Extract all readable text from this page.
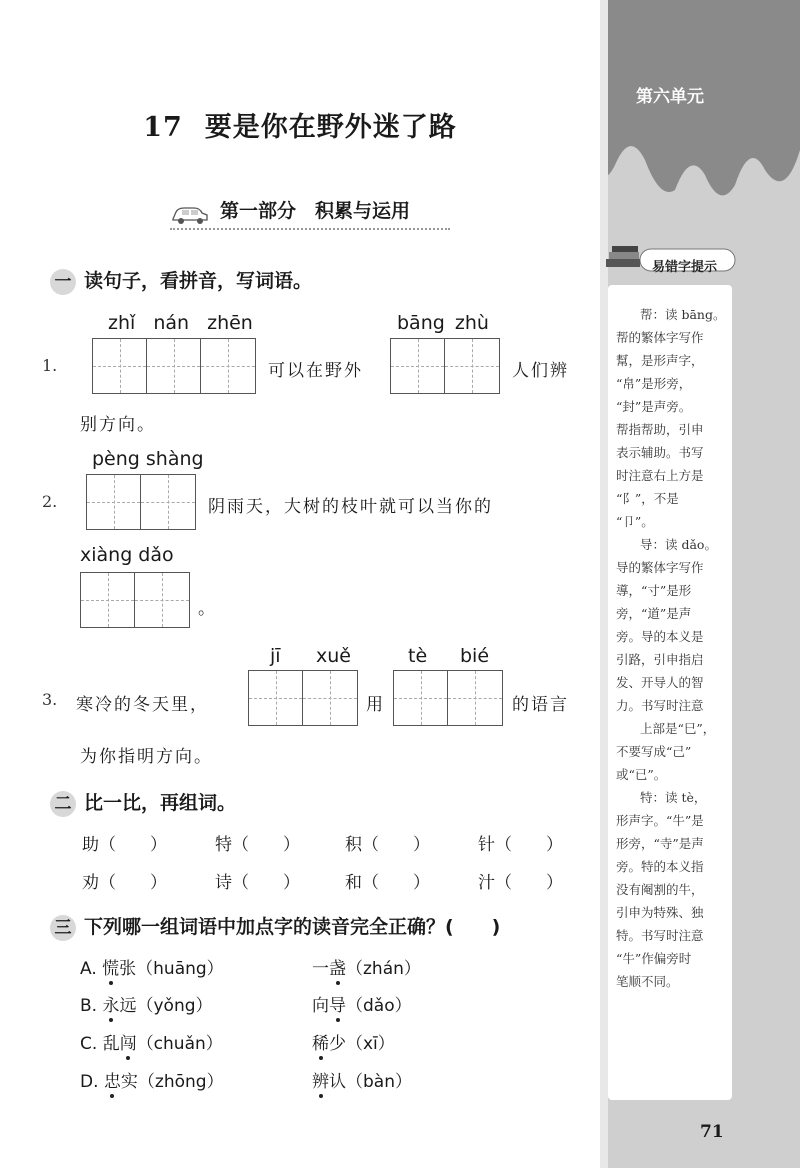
第六单元
易错字提示
帮：读 bāng。
帮的繁体字写作
幫，是形声字，
“帛”是形旁，
“封”是声旁。
帮指帮助，引申
表示辅助。书写
时注意右上方是
“阝”，不是
“卩”。
导：读 dǎo。
导的繁体字写作
導，“寸”是形
旁，“道”是声
旁。导的本义是
引路，引申指启
发、开导人的智
力。书写时注意
上部是“巳”，
不要写成“己”
或“已”。
特：读 tè，
形声字。“牛”是
形旁，“寺”是声
旁。特的本义指
没有阉割的牛，
引申为特殊、独
特。书写时注意
“牛”作偏旁时
笔顺不同。
71
17 要是你在野外迷了路
第一部分　积累与运用
一 读句子，看拼音，写词语。
zhǐ nán zhēn	bāng zhù
1.	可以在野外	人们辨
别方向。
pèng shàng
2.	阴雨天，大树的枝叶就可以当你的
xiàng dǎo
。
jī xuě	tè bié
3. 寒冷的冬天里，	用	的语言
为你指明方向。
二 比一比，再组词。
助（　　）	特（　　）	积（　　）	针（　　）
劝（　　）	诗（　　）	和（　　）	汁（　　）
三 下列哪一组词语中加点字的读音完全正确？(　　)
A. 慌张（huāng）	一盏（zhán）
B. 永远（yǒng）	向导（dǎo）
C. 乱闯（chuǎn）	稀少（xī）
D. 忠实（zhōng）	辨认（bàn）
